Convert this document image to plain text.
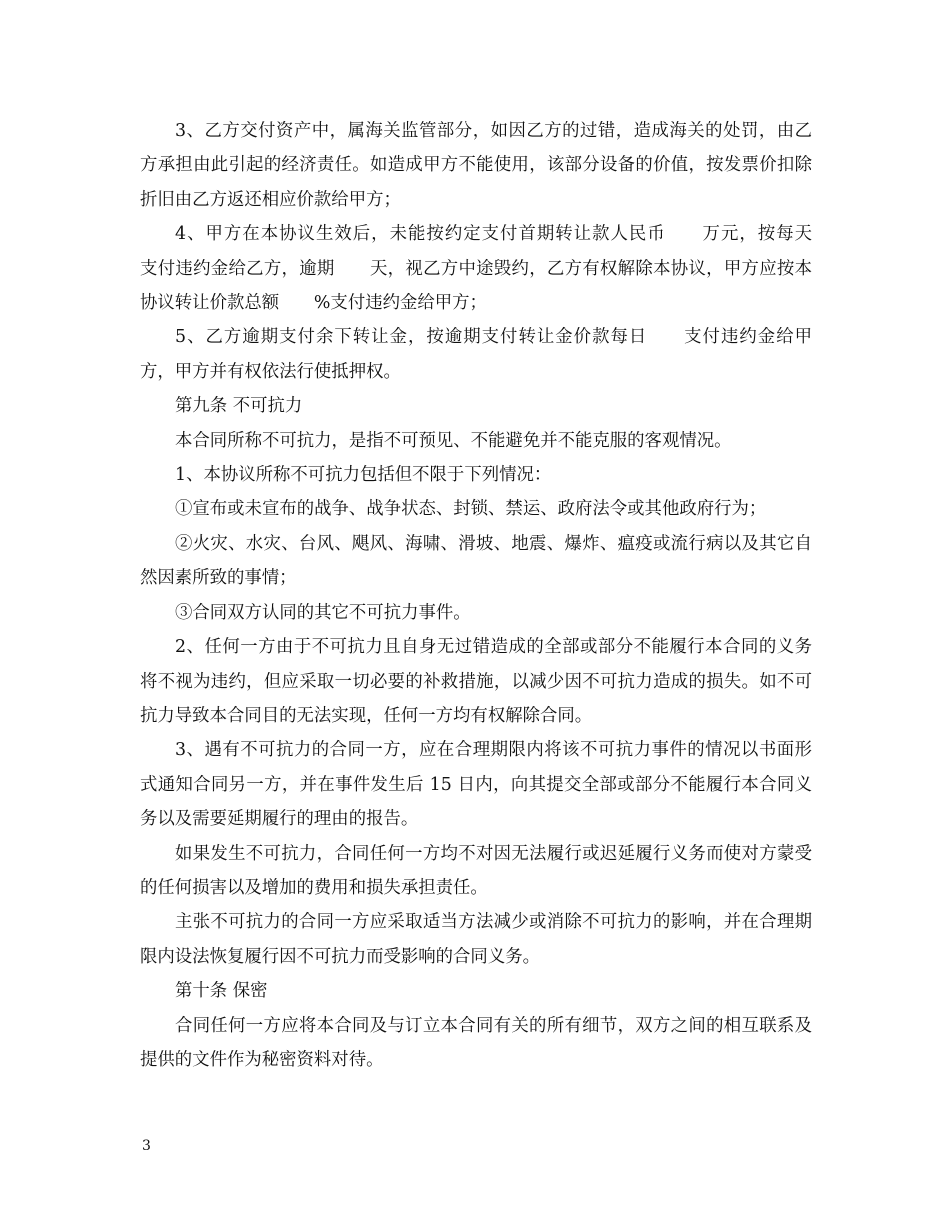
3、乙方交付资产中，属海关监管部分，如因乙方的过错，造成海关的处罚，由乙方承担由此引起的经济责任。如造成甲方不能使用，该部分设备的价值，按发票价扣除折旧由乙方返还相应价款给甲方；

4、甲方在本协议生效后，未能按约定支付首期转让款人民币　　万元，按每天　　支付违约金给乙方，逾期　　天，视乙方中途毁约，乙方有权解除本协议，甲方应按本协议转让价款总额　　%支付违约金给甲方；

5、乙方逾期支付余下转让金，按逾期支付转让金价款每日　　支付违约金给甲方，甲方并有权依法行使抵押权。

第九条 不可抗力

本合同所称不可抗力，是指不可预见、不能避免并不能克服的客观情况。

1、本协议所称不可抗力包括但不限于下列情况：

①宣布或未宣布的战争、战争状态、封锁、禁运、政府法令或其他政府行为；

②火灾、水灾、台风、飓风、海啸、滑坡、地震、爆炸、瘟疫或流行病以及其它自然因素所致的事情；

③合同双方认同的其它不可抗力事件。

2、任何一方由于不可抗力且自身无过错造成的全部或部分不能履行本合同的义务将不视为违约，但应采取一切必要的补救措施，以减少因不可抗力造成的损失。如不可抗力导致本合同目的无法实现，任何一方均有权解除合同。

3、遇有不可抗力的合同一方，应在合理期限内将该不可抗力事件的情况以书面形式通知合同另一方，并在事件发生后 15 日内，向其提交全部或部分不能履行本合同义务以及需要延期履行的理由的报告。

如果发生不可抗力，合同任何一方均不对因无法履行或迟延履行义务而使对方蒙受的任何损害以及增加的费用和损失承担责任。

主张不可抗力的合同一方应采取适当方法减少或消除不可抗力的影响，并在合理期限内设法恢复履行因不可抗力而受影响的合同义务。

第十条 保密

合同任何一方应将本合同及与订立本合同有关的所有细节，双方之间的相互联系及提供的文件作为秘密资料对待。

3
